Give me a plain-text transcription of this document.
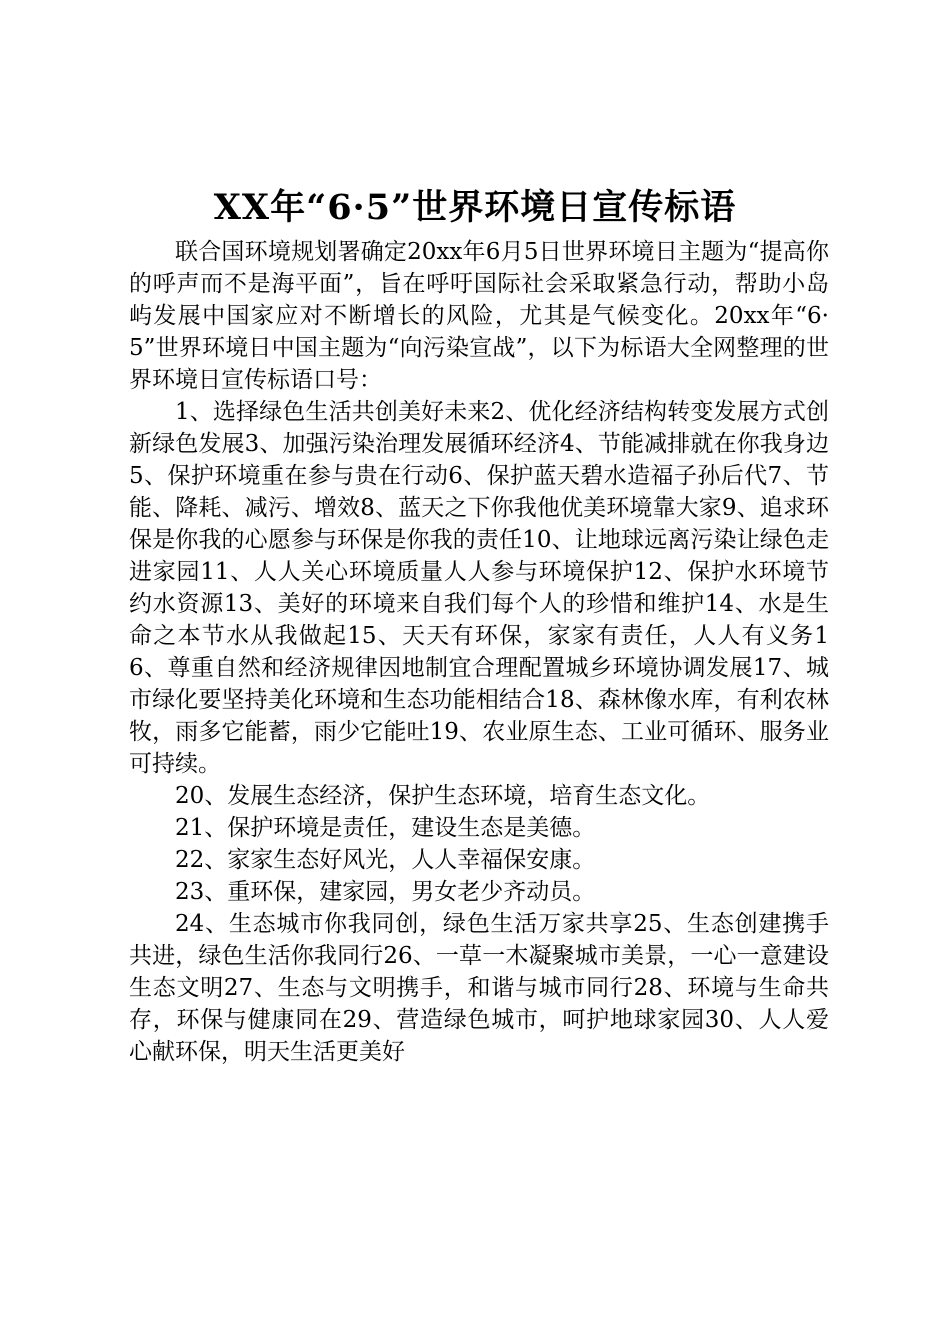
XX年“6·5”世界环境日宣传标语

联合国环境规划署确定20xx年6月5日世界环境日主题为“提高你的呼声而不是海平面”，旨在呼吁国际社会采取紧急行动，帮助小岛屿发展中国家应对不断增长的风险，尤其是气候变化。20xx年“6·5”世界环境日中国主题为“向污染宣战”，以下为标语大全网整理的世界环境日宣传标语口号：

1、选择绿色生活共创美好未来2、优化经济结构转变发展方式创新绿色发展3、加强污染治理发展循环经济4、节能减排就在你我身边5、保护环境重在参与贵在行动6、保护蓝天碧水造福子孙后代7、节能、降耗、减污、增效8、蓝天之下你我他优美环境靠大家9、追求环保是你我的心愿参与环保是你我的责任10、让地球远离污染让绿色走进家园11、人人关心环境质量人人参与环境保护12、保护水环境节约水资源13、美好的环境来自我们每个人的珍惜和维护14、水是生命之本节水从我做起15、天天有环保，家家有责任，人人有义务16、尊重自然和经济规律因地制宜合理配置城乡环境协调发展17、城市绿化要坚持美化环境和生态功能相结合18、森林像水库，有利农林牧，雨多它能蓄，雨少它能吐19、农业原生态、工业可循环、服务业可持续。

20、发展生态经济，保护生态环境，培育生态文化。

21、保护环境是责任，建设生态是美德。

22、家家生态好风光，人人幸福保安康。

23、重环保，建家园，男女老少齐动员。

24、生态城市你我同创，绿色生活万家共享25、生态创建携手共进，绿色生活你我同行26、一草一木凝聚城市美景，一心一意建设生态文明27、生态与文明携手，和谐与城市同行28、环境与生命共存，环保与健康同在29、营造绿色城市，呵护地球家园30、人人爱心献环保，明天生活更美好
